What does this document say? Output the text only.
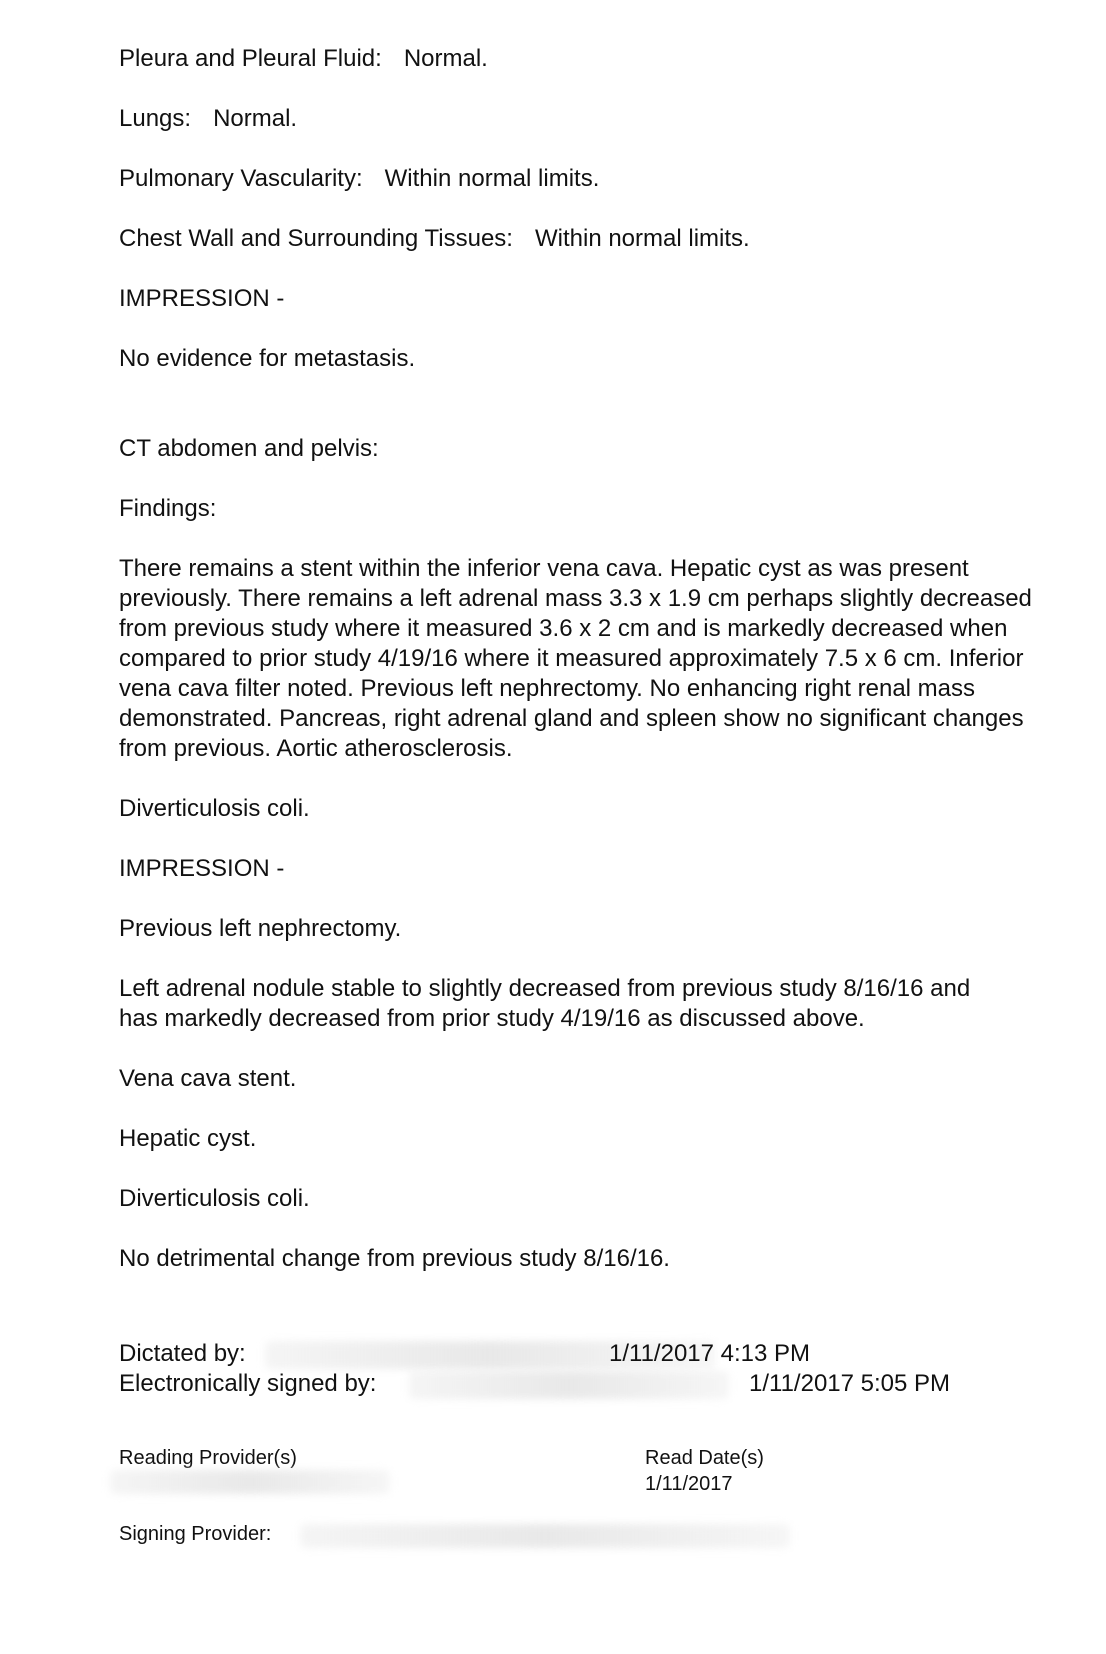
Pleura and Pleural Fluid: Normal.

Lungs: Normal.

Pulmonary Vascularity: Within normal limits.

Chest Wall and Surrounding Tissues: Within normal limits.

IMPRESSION -

No evidence for metastasis.

CT abdomen and pelvis:

Findings:

There remains a stent within the inferior vena cava. Hepatic cyst as was present previously. There remains a left adrenal mass 3.3 x 1.9 cm perhaps slightly decreased from previous study where it measured 3.6 x 2 cm and is markedly decreased when compared to prior study 4/19/16 where it measured approximately 7.5 x 6 cm. Inferior vena cava filter noted. Previous left nephrectomy. No enhancing right renal mass demonstrated. Pancreas, right adrenal gland and spleen show no significant changes from previous. Aortic atherosclerosis.

Diverticulosis coli.

IMPRESSION -

Previous left nephrectomy.

Left adrenal nodule stable to slightly decreased from previous study 8/16/16 and has markedly decreased from prior study 4/19/16 as discussed above.

Vena cava stent.

Hepatic cyst.

Diverticulosis coli.

No detrimental change from previous study 8/16/16.

Dictated by:	1/11/2017 4:13 PM
Electronically signed by:	1/11/2017 5:05 PM
Reading Provider(s)	Read Date(s)
1/11/2017
Signing Provider:
